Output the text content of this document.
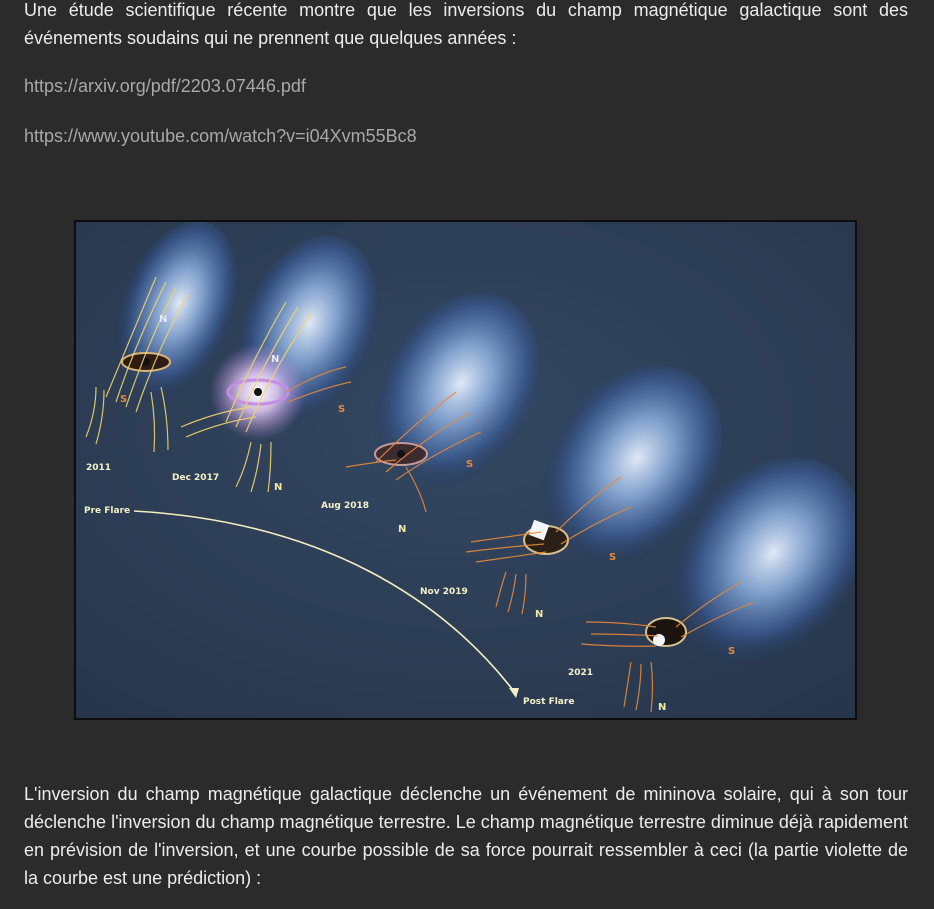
Une étude scientifique récente montre que les inversions du champ magnétique galactique sont des événements soudains qui ne prennent que quelques années :

https://arxiv.org/pdf/2203.07446.pdf
https://www.youtube.com/watch?v=i04Xvm55Bc8
N
S
2011
N
S
N
Dec 2017
S
N
Aug 2018
S
N
Nov 2019
S
N
2021
Pre Flare
Post Flare

L'inversion du champ magnétique galactique déclenche un événement de mininova solaire, qui à son tour déclenche l'inversion du champ magnétique terrestre. Le champ magnétique terrestre diminue déjà rapidement en prévision de l'inversion, et une courbe possible de sa force pourrait ressembler à ceci (la partie violette de la courbe est une prédiction) :
